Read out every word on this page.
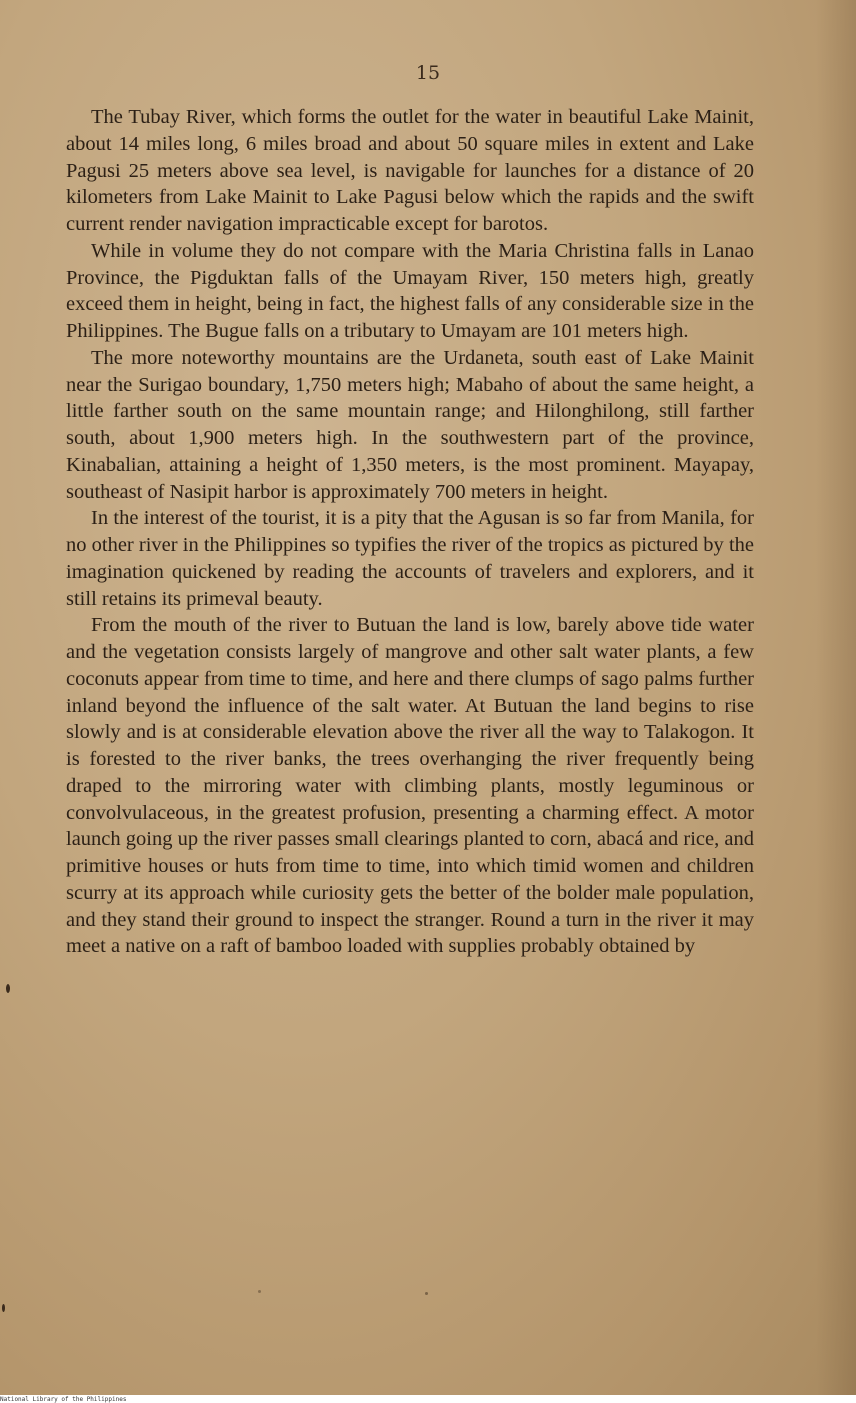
15

The Tubay River, which forms the outlet for the water in beautiful Lake Mainit, about 14 miles long, 6 miles broad and about 50 square miles in extent and Lake Pagusi 25 meters above sea level, is navigable for launches for a distance of 20 kilometers from Lake Mainit to Lake Pagusi below which the rapids and the swift current render navigation impracticable except for barotos.

While in volume they do not compare with the Maria Christina falls in Lanao Province, the Pigduktan falls of the Umayam River, 150 meters high, greatly exceed them in height, being in fact, the highest falls of any considerable size in the Philippines. The Bugue falls on a tributary to Umayam are 101 meters high.

The more noteworthy mountains are the Urdaneta, south east of Lake Mainit near the Surigao boundary, 1,750 meters high; Mabaho of about the same height, a little farther south on the same mountain range; and Hilonghilong, still farther south, about 1,900 meters high. In the southwestern part of the province, Kinabalian, attaining a height of 1,350 meters, is the most prominent. Mayapay, southeast of Nasipit harbor is approximately 700 meters in height.

In the interest of the tourist, it is a pity that the Agusan is so far from Manila, for no other river in the Philippines so typifies the river of the tropics as pictured by the imagination quickened by reading the accounts of travelers and explorers, and it still retains its primeval beauty.

From the mouth of the river to Butuan the land is low, barely above tide water and the vegetation consists largely of mangrove and other salt water plants, a few coconuts appear from time to time, and here and there clumps of sago palms further inland beyond the influence of the salt water. At Butuan the land begins to rise slowly and is at considerable elevation above the river all the way to Talakogon. It is forested to the river banks, the trees overhanging the river frequently being draped to the mirroring water with climbing plants, mostly leguminous or convolvulaceous, in the greatest profusion, presenting a charming effect. A motor launch going up the river passes small clearings planted to corn, abacá and rice, and primitive houses or huts from time to time, into which timid women and children scurry at its approach while curiosity gets the better of the bolder male population, and they stand their ground to inspect the stranger. Round a turn in the river it may meet a native on a raft of bamboo loaded with supplies probably obtained by

National Library of the Philippines
